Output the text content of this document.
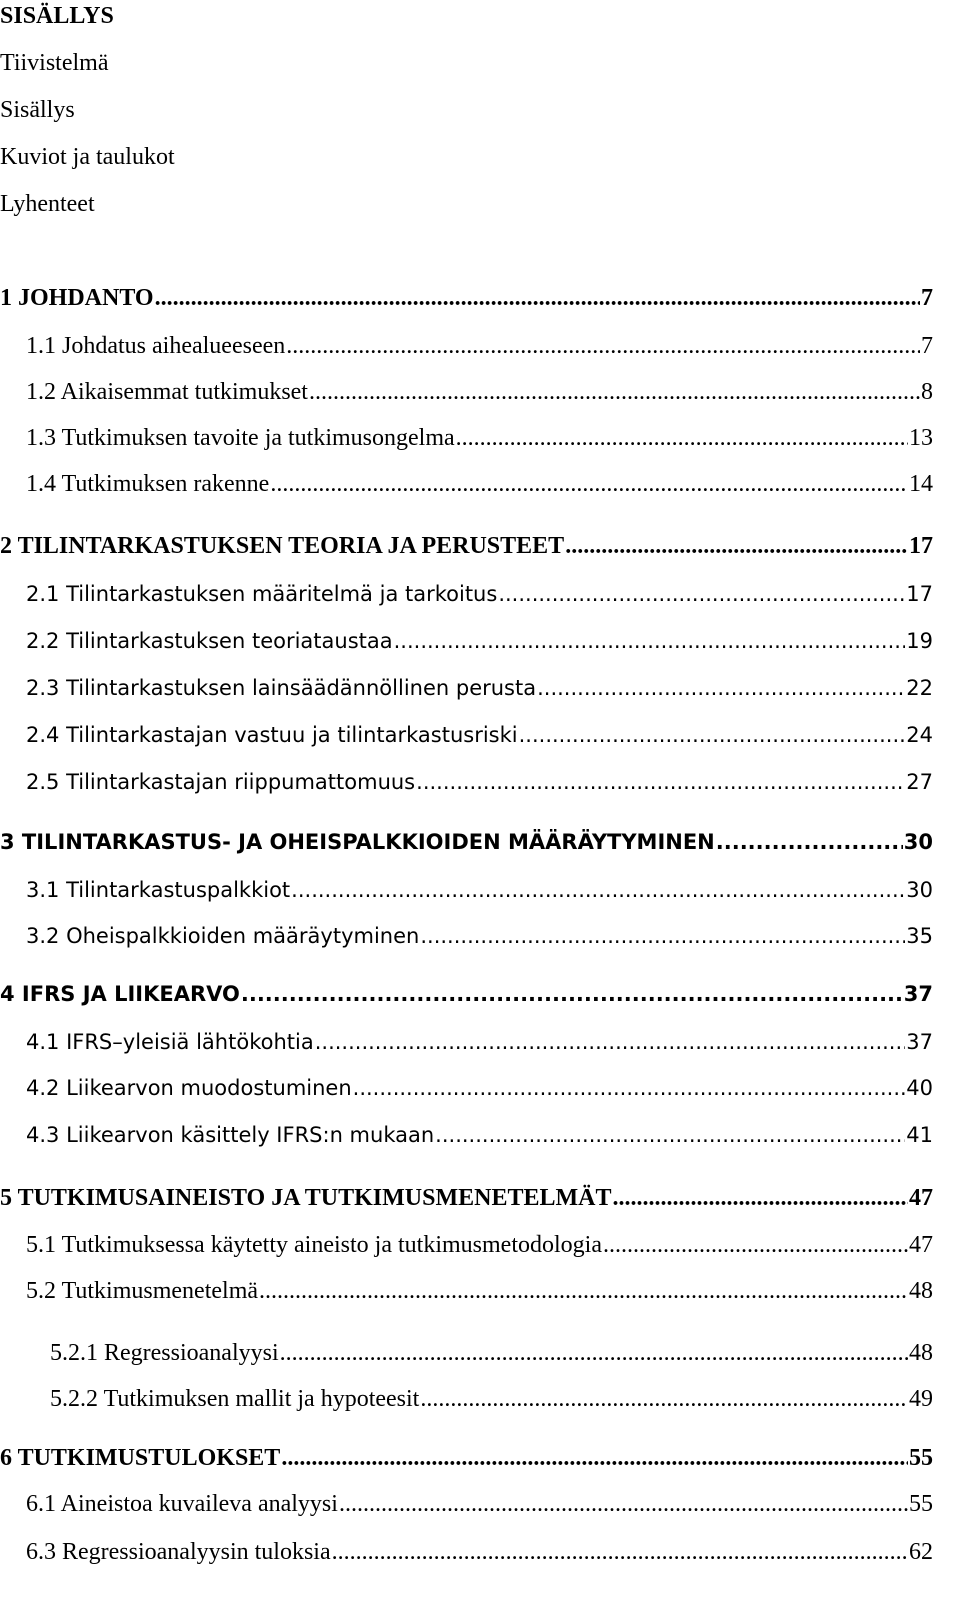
SISÄLLYS
Tiivistelmä
Sisällys
Kuviot ja taulukot
Lyhenteet
1 JOHDANTO .....	7
1.1 Johdatus aihealueeseen .....	7
1.2 Aikaisemmat tutkimukset .....	8
1.3 Tutkimuksen tavoite ja tutkimusongelma .....	13
1.4 Tutkimuksen rakenne .....	14
2 TILINTARKASTUKSEN TEORIA JA PERUSTEET .....	17
2.1 Tilintarkastuksen määritelmä ja tarkoitus .....	17
2.2 Tilintarkastuksen teoriataustaa .....	19
2.3 Tilintarkastuksen lainsäädännöllinen perusta .....	22
2.4 Tilintarkastajan vastuu ja tilintarkastusriski .....	24
2.5 Tilintarkastajan riippumattomuus .....	27
3 TILINTARKASTUS- JA OHEISPALKKIOIDEN MÄÄRÄYTYMINEN .....	30
3.1 Tilintarkastuspalkkiot .....	30
3.2 Oheispalkkioiden määräytyminen .....	35
4 IFRS JA LIIKEARVO .....	37
4.1 IFRS–yleisiä lähtökohtia .....	37
4.2 Liikearvon muodostuminen .....	40
4.3 Liikearvon käsittely IFRS:n mukaan .....	41
5 TUTKIMUSAINEISTO JA TUTKIMUSMENETELMÄT .....	47
5.1 Tutkimuksessa käytetty aineisto ja tutkimusmetodologia .....	47
5.2 Tutkimusmenetelmä .....	48
5.2.1 Regressioanalyysi .....	48
5.2.2 Tutkimuksen mallit ja hypoteesit .....	49
6 TUTKIMUSTULOKSET .....	55
6.1 Aineistoa kuvaileva analyysi .....	55
6.3 Regressioanalyysin tuloksia .....	62
